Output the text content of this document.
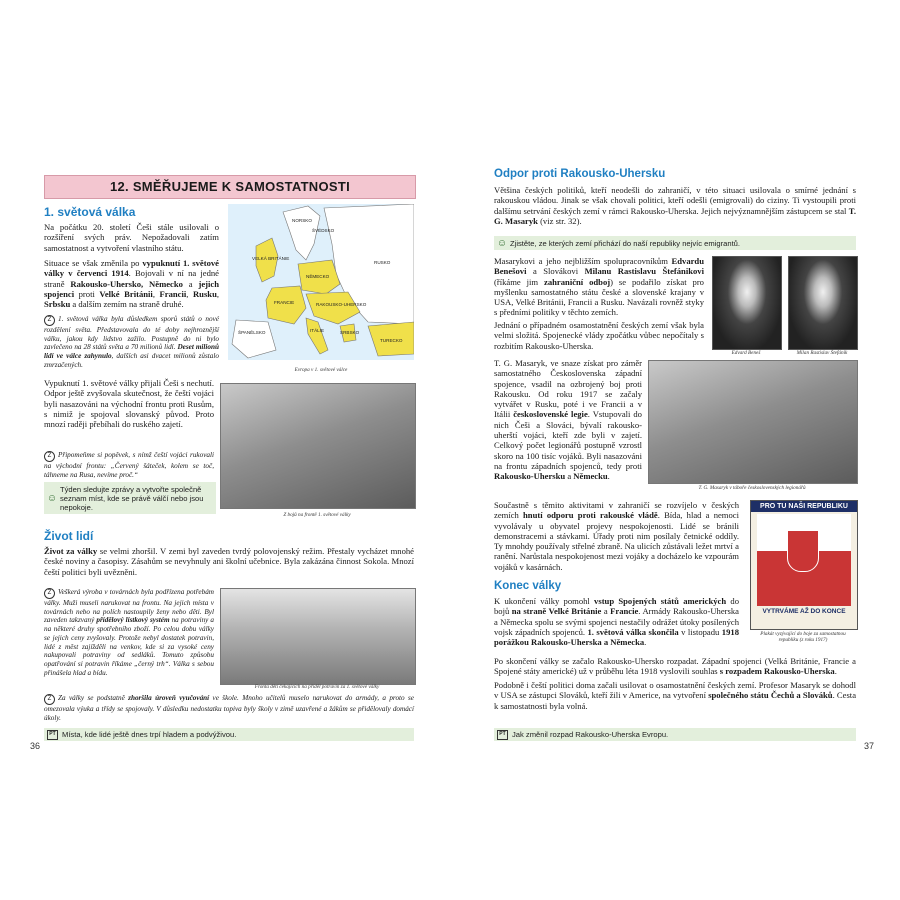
12. SMĚŘUJEME K SAMOSTATNOSTI
1. světová válka

Na počátku 20. století Češi stále usilovali o rozšíření svých práv. Nepožadovali zatím samostatnost a vytvoření vlastního státu.

Situace se však změnila po vypuknutí 1. světové války v červenci 1914. Bojovali v ní na jedné straně Rakousko-Uhersko, Německo a jejich spojenci proti Velké Británii, Francii, Rusku, Srbsku a dalším zemím na straně druhé.

Z 1. světová válka byla důsledkem sporů států o nové rozdělení světa. Představovala do té doby nejhroznější válku, jakou kdy lidstvo zažilo. Postupně do ni bylo zavlečeno na 28 států světa a 70 milionů lidí. Deset milionů lidí ve válce zahynulo, dalších asi dvacet milionů zůstalo zmrzačených.

NORSKO
ŠVÉDSKO
VELKÁ BRITÁNIE
RUSKO
NĚMECKO
FRANCIE	RAKOUSKO-UHERSKO
ŠPANĚLSKO	ITÁLIE	SRBSKO
TURECKO
Evropa v 1. světové válce

Vypuknutí 1. světové války přijali Češi s nechutí. Odpor ještě zvyšovala skutečnost, že čeští vojáci byli nasazováni na východní frontu proti Rusům, s nimiž je spojoval slovanský původ. Proto mnozí raději přebíhali do ruského zajetí.

Z Připomeňme si popěvek, s nímž čeští vojáci rukovali na východní frontu: „Červený šáteček, kolem se toč, táhneme na Rusa, nevíme proč.“

☺
Týden sledujte zprávy a vytvořte společně seznam míst, kde se právě válčí nebo jsou nepokoje.
Z bojů na frontě 1. světové války
Život lidí

Život za války se velmi zhoršil. V zemi byl zaveden tvrdý polovojenský režim. Přestaly vycházet mnohé české noviny a časopisy. Zásahům se nevyhnuly ani školní učebnice. Byla zakázána činnost Sokola. Mnozí čeští politici byli uvězněni.

Z Veškerá výroba v továrnách byla podřízena potřebám války. Muži museli narukovat na frontu. Na jejich místa v továrnách nebo na polích nastoupily ženy nebo děti. Byl zaveden takzvaný přídělový lístkový systém na potraviny a na některé druhy spotřebního zboží. Po celou dobu války se jejich ceny zvyšovaly. Protože nebyl dostatek potravin, lidé z měst zajížděli na venkov, kde si za vysoké ceny nakupovali potraviny od sedláků. Tomuto způsobu opatřování si potravin říkáme „černý trh“. Válka s sebou přinášela hlad a bídu.

Fronta dětí čekajících na příděl potravin za 1. světové války

Z Za války se podstatně zhoršila úroveň vyučování ve škole. Mnoho učitelů muselo narukovat do armády, a proto se omezovala výuka a třídy se spojovaly. V důsledku nedostatku topiva byly školy v zimě uzavřené a žákům se přidělovaly domácí úkoly.

PT Místa, kde lidé ještě dnes trpí hladem a podvýživou.
36
Odpor proti Rakousko-Uhersku

Většina českých politiků, kteří neodešli do zahraničí, v této situaci usilovala o smírné jednání s rakouskou vládou. Jinak se však chovali politici, kteří odešli (emigrovali) do ciziny. Ti vystoupili proti dalšímu setrvání českých zemí v rámci Rakousko-Uherska. Jejich nejvýznamnějším zástupcem se stal T. G. Masaryk (viz str. 32).

☺ Zjistěte, ze kterých zemí přichází do naší republiky nejvíc emigrantů.

Masarykovi a jeho nejbližším spolupracovníkům Edvardu Benešovi a Slovákovi Milanu Rastislavu Štefánikovi (říkáme jim zahraniční odboj) se podařilo získat pro myšlenku samostatného státu české a slovenské krajany v USA, Velké Británii, Francii a Rusku. Navázali rovněž styky s předními politiky v těchto zemích.

Jednání o případném osamostatnění českých zemí však byla velmi složitá. Spojenecké vlády zpočátku vůbec nepočítaly s rozbitím Rakousko-Uherska.

Edvard Beneš	Milan Rastislav Štefánik

T. G. Masaryk, ve snaze získat pro záměr samostatného Československa západní spojence, vsadil na ozbrojený boj proti Rakousku. Od roku 1917 se začaly vytvářet v Rusku, poté i ve Francii a v Itálii československé legie. Vstupovali do nich Češi a Slováci, bývalí rakousko-uherští vojáci, kteří zde byli v zajetí. Celkový počet legionářů postupně vzrostl skoro na 100 tisíc vojáků. Byli nasazováni na frontu západních spojenců, tedy proti Rakousko-Uhersku a Německu.

T. G. Masaryk v táboře československých legionářů

Součastně s těmito aktivitami v zahraničí se rozvíjelo v českých zemích hnutí odporu proti rakouské vládě. Bída, hlad a nemoci vyvolávaly u obyvatel projevy nespokojenosti. Lidé se bránili demonstracemi a stávkami. Úřady proti nim posílaly četnické oddíly. Ty mnohdy používaly střelné zbraně. Na ulicích zůstávali ležet mrtví a ranění. Narůstala nespokojenost mezi vojáky a docházelo ke vzpourám vojáků v kasárnách.

PRO TU NAŠI REPUBLIKU
VYTRVÁME AŽ DO KONCE
Plakát vyzývající do boje za samostatnou republiku (z roku 1917)
Konec války

K ukončení války pomohl vstup Spojených států amerických do bojů na straně Velké Británie a Francie. Armády Rakousko-Uherska a Německa spolu se svými spojenci nestačily odrážet útoky posílených vojsk západních spojenců. 1. světová válka skončila v listopadu 1918 porážkou Rakousko-Uherska a Německa.

Po skončení války se začalo Rakousko-Uhersko rozpadat. Západní spojenci (Velká Británie, Francie a Spojené státy americké) už v průběhu léta 1918 vyslovili souhlas s rozpadem Rakousko-Uherska.

Podobně i čeští politici doma začali usilovat o osamostatnění českých zemí. Profesor Masaryk se dohodl v USA se zástupci Slováků, kteří žili v Americe, na vytvoření společného státu Čechů a Slováků. Cesta k samostatnosti byla volná.

PT Jak změnil rozpad Rakousko-Uherska Evropu.
37
